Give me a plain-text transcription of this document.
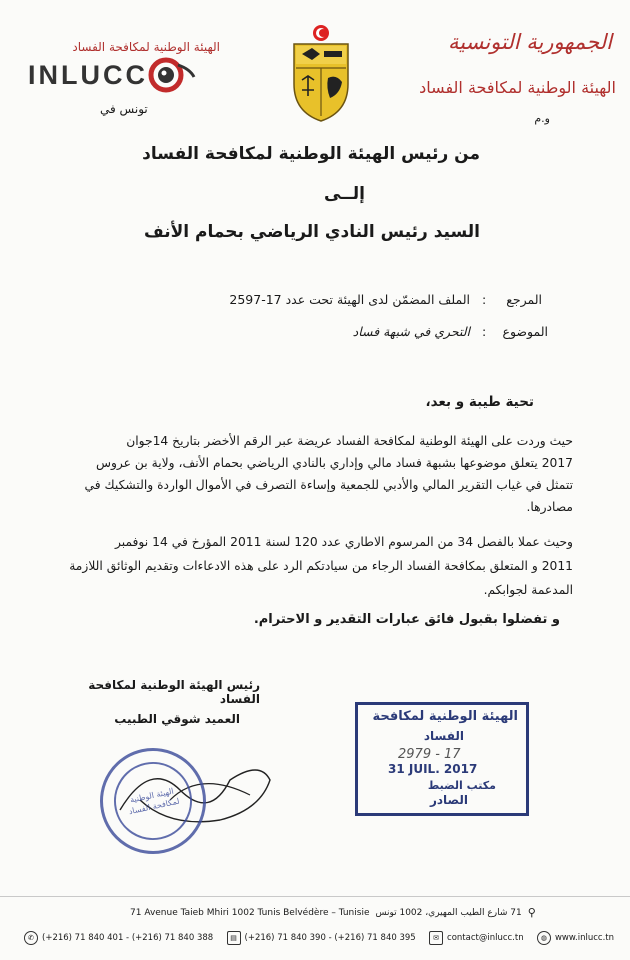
الجمهورية التونسية
الهيئة الوطنية لمكافحة الفساد
و.م
الهيئة الوطنية لمكافحة الفساد
INLUCC
تونس في
من رئيس الهيئة الوطنية لمكافحة الفساد
إلــى
السيد رئيس النادي الرياضي بحمام الأنف
المرجع
:
الملف المضمّن لدى الهيئة تحت عدد 17-2597
الموضوع
:
التحري في شبهة فساد
تحية طيبة و بعد،
حيث وردت على الهيئة الوطنية لمكافحة الفساد عريضة عبر الرقم الأخضر بتاريخ 14جوان
2017 يتعلق موضوعها بشبهة فساد مالي وإداري بالنادي الرياضي بحمام الأنف، ولاية بن عروس
تتمثل في غياب التقرير المالي والأدبي للجمعية وإساءة التصرف في الأموال الواردة والتشكيك في
مصادرها.
وحيث عملا بالفصل 34 من المرسوم الاطاري عدد 120 لسنة 2011 المؤرخ في 14 نوفمبر
2011 و المتعلق بمكافحة الفساد الرجاء من سيادتكم الرد على هذه الادعاءات وتقديم الوثائق اللازمة
المدعمة لجوابكم.
و تفضلوا بقبول فائق عبارات التقدير و الاحترام.
رئيس الهيئة الوطنية لمكافحة الفساد
العميد شوقي الطبيب
الهيئة الوطنية لمكافحة الفساد
الهيئة الوطنية لمكافحة
الفساد
2979 - 17
31 JUIL. 2017
مكتب الضبط
الصادر
71 Avenue Taieb Mhiri 1002 Tunis Belvédère – Tunisie 71 شارع الطيب المهيري، 1002 تونس ⚲
✆ (+216) 71 840 401 - (+216) 71 840 388	▤ (+216) 71 840 390 - (+216) 71 840 395	✉ contact@inlucc.tn	◍ www.inlucc.tn
